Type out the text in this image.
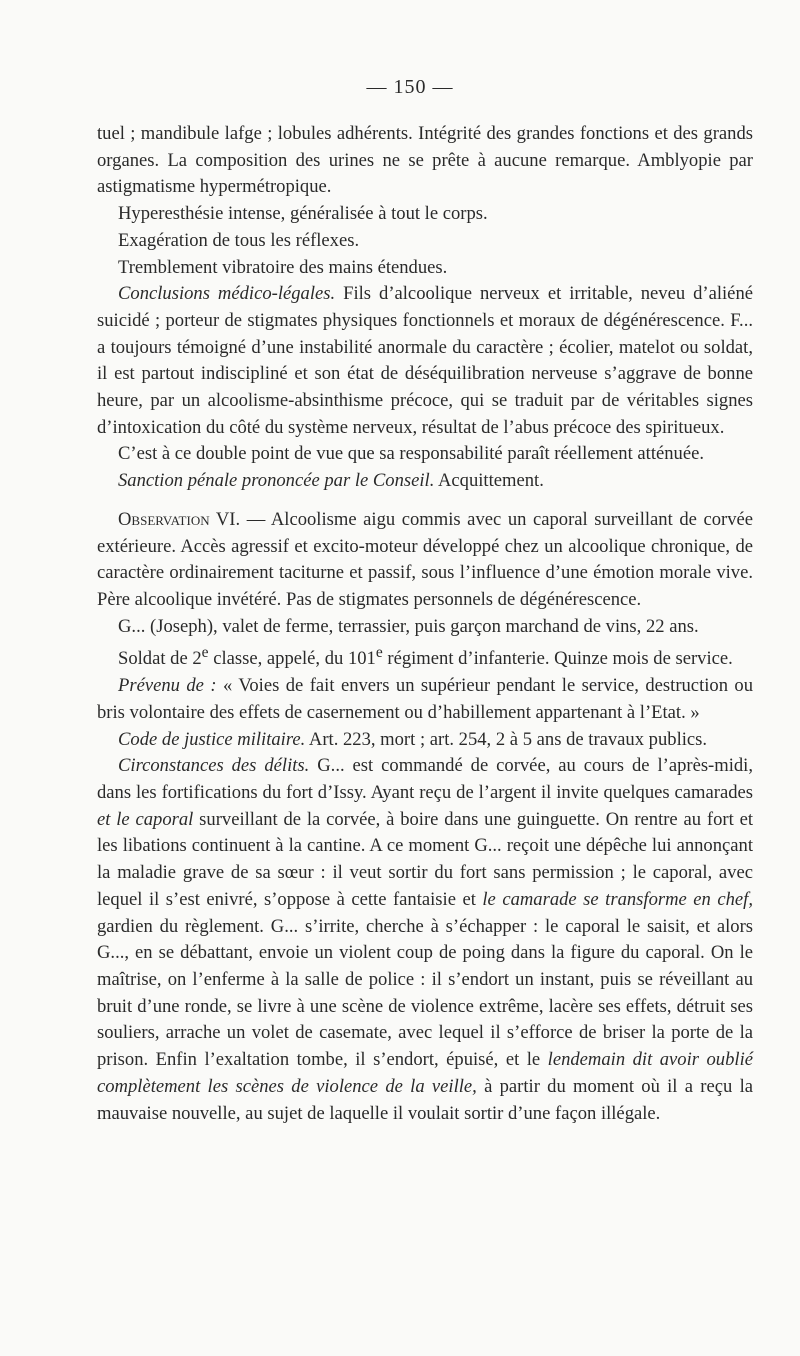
— 150 —

tuel ; mandibule lafge ; lobules adhérents. Intégrité des grandes fonctions et des grands organes. La composition des urines ne se prête à aucune remarque. Amblyopie par astigmatisme hypermétropique.

Hyperesthésie intense, généralisée à tout le corps.

Exagération de tous les réflexes.

Tremblement vibratoire des mains étendues.

Conclusions médico-légales. Fils d’alcoolique nerveux et irritable, neveu d’aliéné suicidé ; porteur de stigmates physiques fonctionnels et moraux de dégénérescence. F... a toujours témoigné d’une instabilité anormale du caractère ; écolier, matelot ou soldat, il est partout indiscipliné et son état de déséquilibration nerveuse s’aggrave de bonne heure, par un alcoolisme-absinthisme précoce, qui se traduit par de véritables signes d’intoxication du côté du système nerveux, résultat de l’abus précoce des spiritueux.

C’est à ce double point de vue que sa responsabilité paraît réellement atténuée.

Sanction pénale prononcée par le Conseil. Acquittement.

Observation VI. — Alcoolisme aigu commis avec un caporal surveillant de corvée extérieure. Accès agressif et excito-moteur développé chez un alcoolique chronique, de caractère ordinairement taciturne et passif, sous l’influence d’une émotion morale vive. Père alcoolique invétéré. Pas de stigmates personnels de dégénérescence.

G... (Joseph), valet de ferme, terrassier, puis garçon marchand de vins, 22 ans.

Soldat de 2e classe, appelé, du 101e régiment d’infanterie. Quinze mois de service.

Prévenu de : « Voies de fait envers un supérieur pendant le service, destruction ou bris volontaire des effets de casernement ou d’habillement appartenant à l’Etat. »

Code de justice militaire. Art. 223, mort ; art. 254, 2 à 5 ans de travaux publics.

Circonstances des délits. G... est commandé de corvée, au cours de l’après-midi, dans les fortifications du fort d’Issy. Ayant reçu de l’argent il invite quelques camarades et le caporal surveillant de la corvée, à boire dans une guinguette. On rentre au fort et les libations continuent à la cantine. A ce moment G... reçoit une dépêche lui annonçant la maladie grave de sa sœur : il veut sortir du fort sans permission ; le caporal, avec lequel il s’est enivré, s’oppose à cette fantaisie et le camarade se transforme en chef, gardien du règlement. G... s’irrite, cherche à s’échapper : le caporal le saisit, et alors G..., en se débattant, envoie un violent coup de poing dans la figure du caporal. On le maîtrise, on l’enferme à la salle de police : il s’endort un instant, puis se réveillant au bruit d’une ronde, se livre à une scène de violence extrême, lacère ses effets, détruit ses souliers, arrache un volet de casemate, avec lequel il s’efforce de briser la porte de la prison. Enfin l’exaltation tombe, il s’endort, épuisé, et le lendemain dit avoir oublié complètement les scènes de violence de la veille, à partir du moment où il a reçu la mauvaise nouvelle, au sujet de laquelle il voulait sortir d’une façon illégale.
